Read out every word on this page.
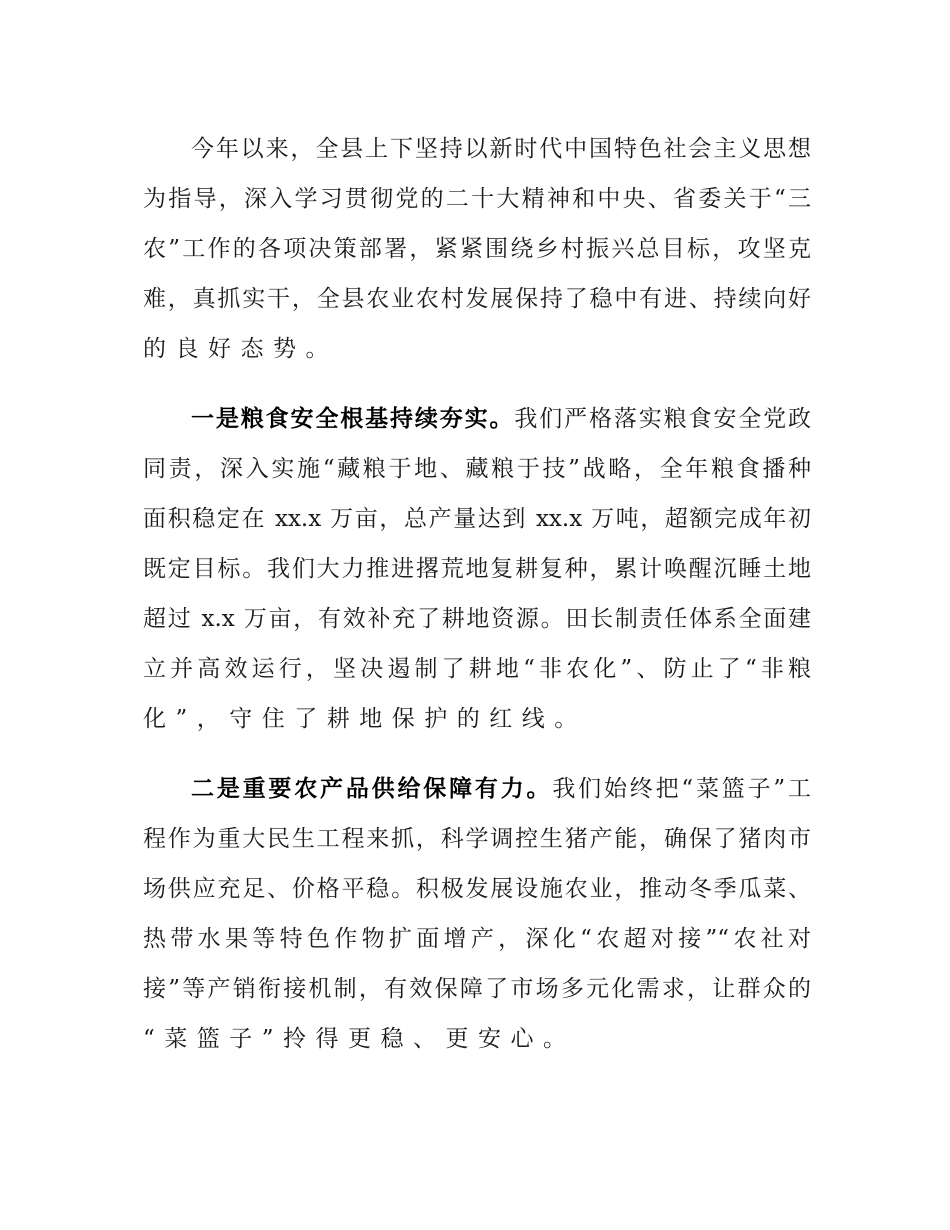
今年以来，全县上下坚持以新时代中国特色社会主义思想
为指导，深入学习贯彻党的二十大精神和中央、省委关于“三
农”工作的各项决策部署，紧紧围绕乡村振兴总目标，攻坚克
难，真抓实干，全县农业农村发展保持了稳中有进、持续向好
的良好态势。
一是粮食安全根基持续夯实。我们严格落实粮食安全党政
同责，深入实施“藏粮于地、藏粮于技”战略，全年粮食播种
面积稳定在 xx.x 万亩，总产量达到 xx.x 万吨，超额完成年初
既定目标。我们大力推进撂荒地复耕复种，累计唤醒沉睡土地
超过 x.x 万亩，有效补充了耕地资源。田长制责任体系全面建
立并高效运行，坚决遏制了耕地“非农化”、防止了“非粮
化”，守住了耕地保护的红线。
二是重要农产品供给保障有力。我们始终把“菜篮子”工
程作为重大民生工程来抓，科学调控生猪产能，确保了猪肉市
场供应充足、价格平稳。积极发展设施农业，推动冬季瓜菜、
热带水果等特色作物扩面增产，深化“农超对接”“农社对
接”等产销衔接机制，有效保障了市场多元化需求，让群众的
“菜篮子”拎得更稳、更安心。
